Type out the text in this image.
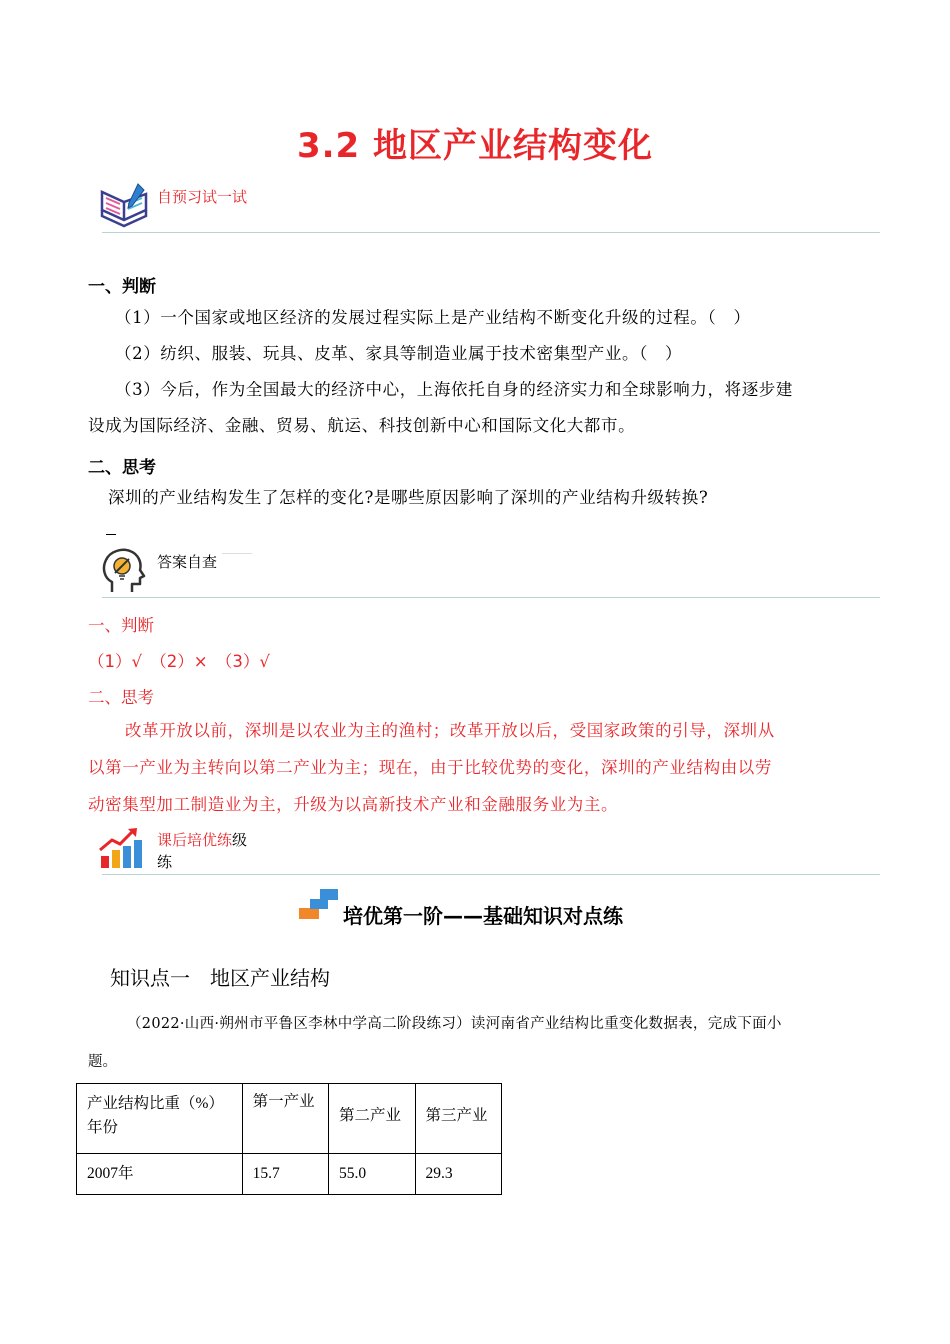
3.2 地区产业结构变化
自预习试一试
一、判断
（1）一个国家或地区经济的发展过程实际上是产业结构不断变化升级的过程。（　）
（2）纺织、服装、玩具、皮革、家具等制造业属于技术密集型产业。（　）
（3）今后，作为全国最大的经济中心，上海依托自身的经济实力和全球影响力，将逐步建
设成为国际经济、金融、贸易、航运、科技创新中心和国际文化大都市。
二、思考
深圳的产业结构发生了怎样的变化?是哪些原因影响了深圳的产业结构升级转换?
答案自查
一、判断
（1）√　（2）×　（3）√
二、思考
改革开放以前，深圳是以农业为主的渔村；改革开放以后，受国家政策的引导，深圳从
以第一产业为主转向以第二产业为主；现在，由于比较优势的变化，深圳的产业结构由以劳
动密集型加工制造业为主，升级为以高新技术产业和金融服务业为主。
课后培优练级
练
培优第一阶——基础知识对点练
知识点一　地区产业结构
（2022·山西·朔州市平鲁区李林中学高二阶段练习）读河南省产业结构比重变化数据表，完成下面小
题。
产业结构比重（%）
年份	第一产业	第二产业	第三产业
2007年	15.7	55.0	29.3
